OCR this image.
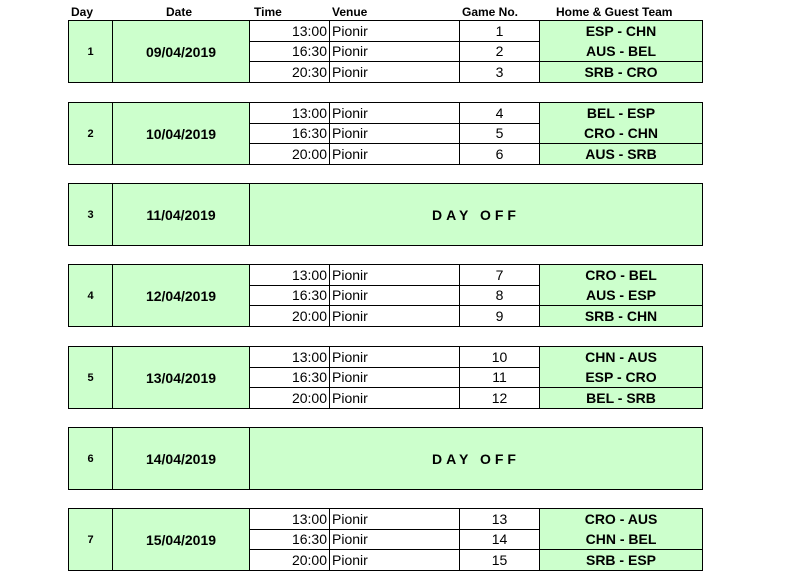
Day	Date	Time	Venue	Game No.	Home & Guest Team
1	09/04/2019
13:00 Pionir	1	ESP - CHN
16:30 Pionir	2	AUS - BEL
20:30 Pionir	3	SRB - CRO
2	10/04/2019
13:00 Pionir	4	BEL - ESP
16:30 Pionir	5	CRO - CHN
20:00 Pionir	6	AUS - SRB
3	11/04/2019	DAY OFF
4	12/04/2019
13:00 Pionir	7	CRO - BEL
16:30 Pionir	8	AUS - ESP
20:00 Pionir	9	SRB - CHN
5	13/04/2019
13:00 Pionir	10	CHN - AUS
16:30 Pionir	11	ESP - CRO
20:00 Pionir	12	BEL - SRB
6	14/04/2019	DAY OFF
7	15/04/2019
13:00 Pionir	13	CRO - AUS
16:30 Pionir	14	CHN - BEL
20:00 Pionir	15	SRB - ESP
